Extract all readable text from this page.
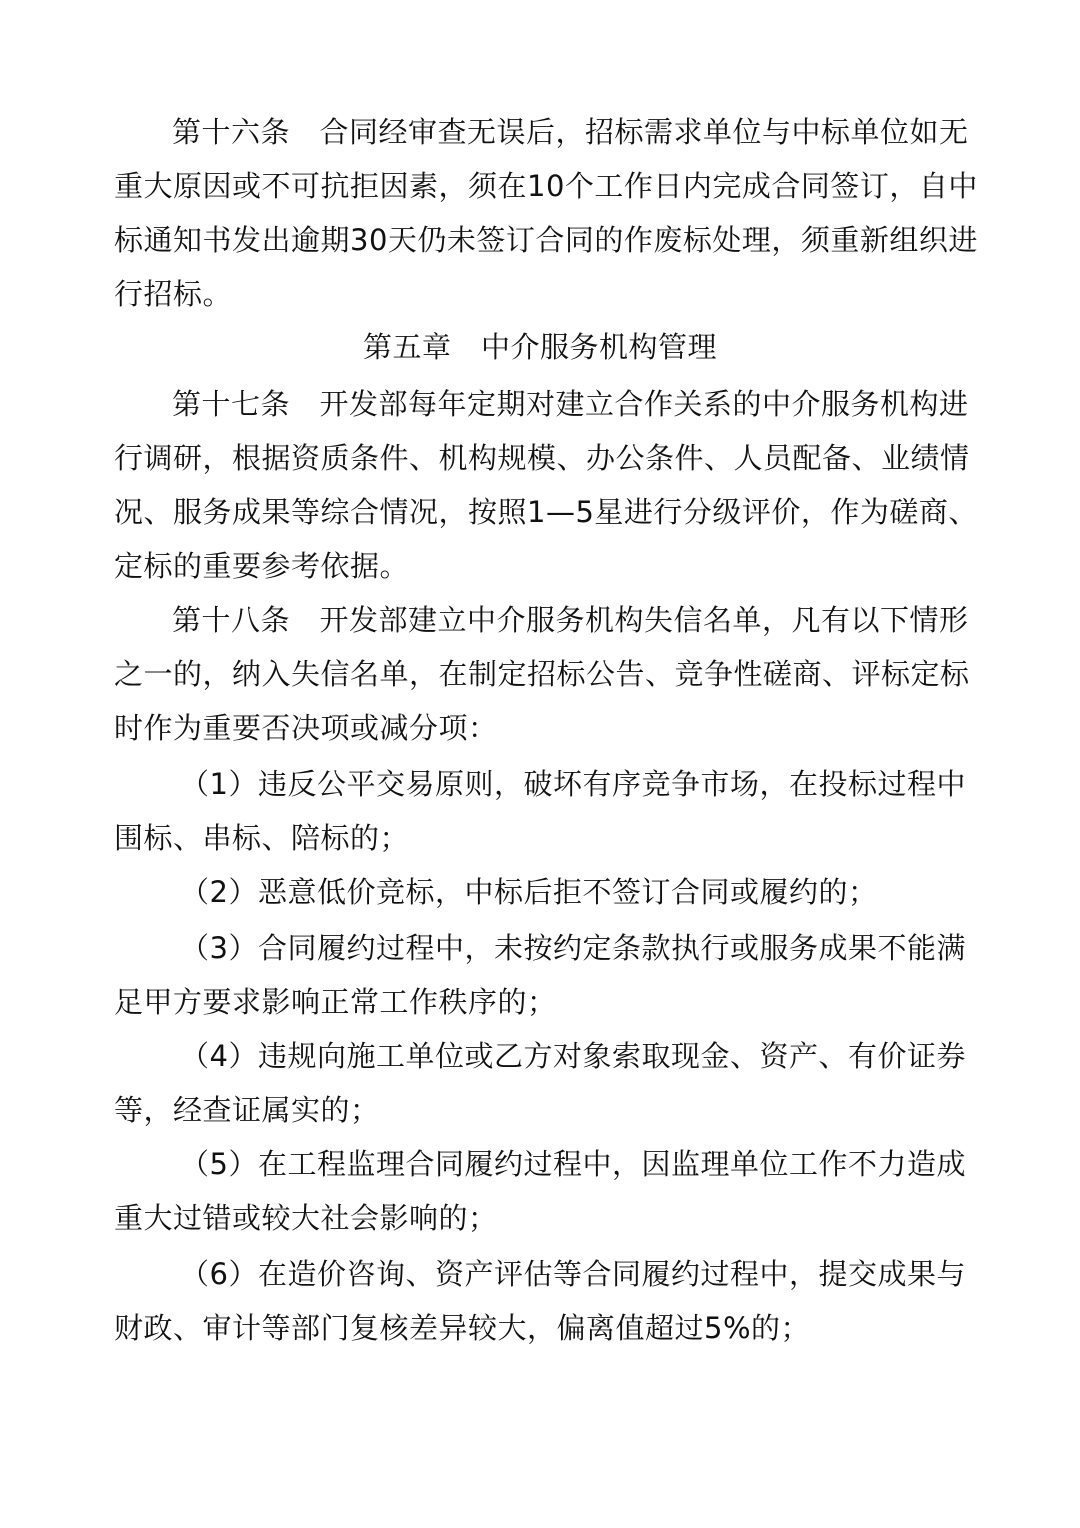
第十六条　合同经审查无误后，招标需求单位与中标单位如无
重大原因或不可抗拒因素，须在10个工作日内完成合同签订，自中
标通知书发出逾期30天仍未签订合同的作废标处理，须重新组织进
行招标。
第五章　中介服务机构管理
第十七条　开发部每年定期对建立合作关系的中介服务机构进
行调研，根据资质条件、机构规模、办公条件、人员配备、业绩情
况、服务成果等综合情况，按照1—5星进行分级评价，作为磋商、
定标的重要参考依据。
第十八条　开发部建立中介服务机构失信名单，凡有以下情形
之一的，纳入失信名单，在制定招标公告、竞争性磋商、评标定标
时作为重要否决项或减分项：
（1）违反公平交易原则，破坏有序竞争市场，在投标过程中
围标、串标、陪标的；
（2）恶意低价竞标，中标后拒不签订合同或履约的；
（3）合同履约过程中，未按约定条款执行或服务成果不能满
足甲方要求影响正常工作秩序的；
（4）违规向施工单位或乙方对象索取现金、资产、有价证券
等，经查证属实的；
（5）在工程监理合同履约过程中，因监理单位工作不力造成
重大过错或较大社会影响的；
（6）在造价咨询、资产评估等合同履约过程中，提交成果与
财政、审计等部门复核差异较大，偏离值超过5%的；
